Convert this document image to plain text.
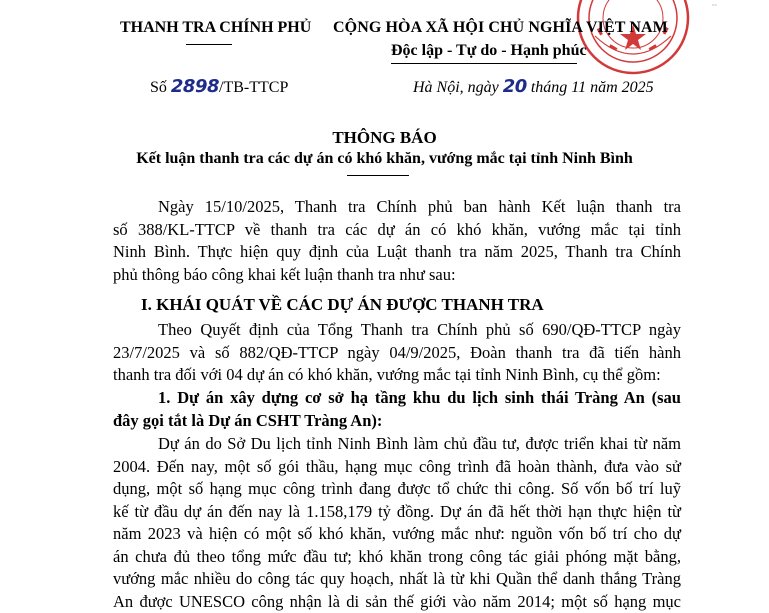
ᵛⁿ
THANH TRA CHÍNH PHỦ CỘNG HÒA XÃ HỘI CHỦ NGHĨA VIỆT NAM
Độc lập - Tự do - Hạnh phúc
Số 2898/TB-TTCP	Hà Nội, ngày 20 tháng 11 năm 2025
THÔNG BÁO
Kết luận thanh tra các dự án có khó khăn, vướng mắc tại tỉnh Ninh Bình
Ngày 15/10/2025, Thanh tra Chính phủ ban hành Kết luận thanh tra
số 388/KL-TTCP về thanh tra các dự án có khó khăn, vướng mắc tại tỉnh
Ninh Bình. Thực hiện quy định của Luật thanh tra năm 2025, Thanh tra Chính
phủ thông báo công khai kết luận thanh tra như sau:
I. KHÁI QUÁT VỀ CÁC DỰ ÁN ĐƯỢC THANH TRA
Theo Quyết định của Tổng Thanh tra Chính phủ số 690/QĐ-TTCP ngày
23/7/2025 và số 882/QĐ-TTCP ngày 04/9/2025, Đoàn thanh tra đã tiến hành
thanh tra đối với 04 dự án có khó khăn, vướng mắc tại tỉnh Ninh Bình, cụ thể gồm:
1. Dự án xây dựng cơ sở hạ tầng khu du lịch sinh thái Tràng An (sau
đây gọi tắt là Dự án CSHT Tràng An):
Dự án do Sở Du lịch tỉnh Ninh Bình làm chủ đầu tư, được triển khai từ năm
2004. Đến nay, một số gói thầu, hạng mục công trình đã hoàn thành, đưa vào sử
dụng, một số hạng mục công trình đang được tổ chức thi công. Số vốn bố trí luỹ
kế từ đầu dự án đến nay là 1.158,179 tỷ đồng. Dự án đã hết thời hạn thực hiện từ
năm 2023 và hiện có một số khó khăn, vướng mắc như: nguồn vốn bố trí cho dự
án chưa đủ theo tổng mức đầu tư; khó khăn trong công tác giải phóng mặt bằng,
vướng mắc nhiều do công tác quy hoạch, nhất là từ khi Quần thể danh thắng Tràng
An được UNESCO công nhận là di sản thế giới vào năm 2014; một số hạng mục
